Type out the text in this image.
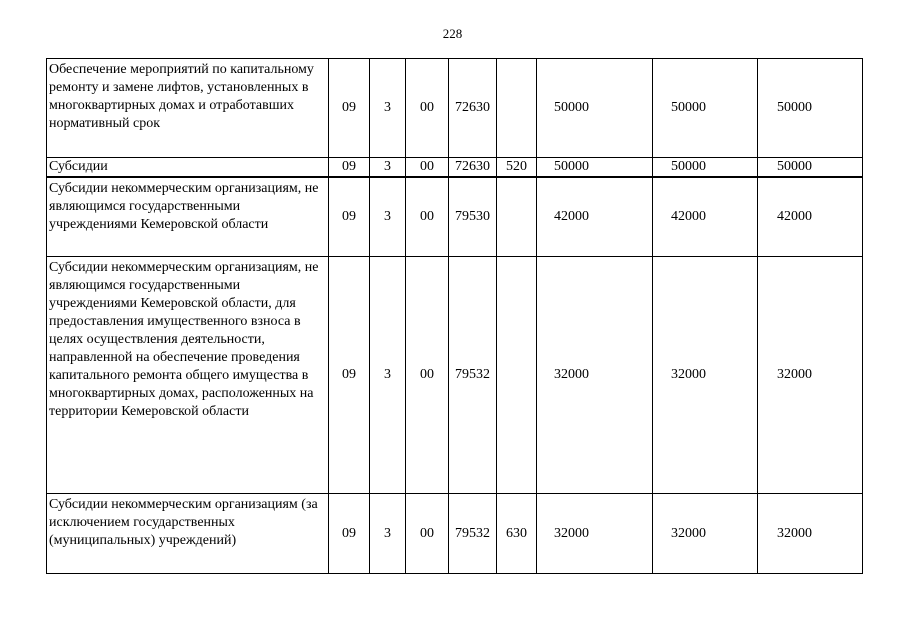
228
Обеспечение мероприятий по капитальному ремонту и замене лифтов, установленных в многоквартирных домах и отработавших нормативный срок	09	3	00	72630		50000	50000	50000
Субсидии	09	3	00	72630	520	50000	50000	50000
Субсидии некоммерческим организациям, не являющимся государственными учреждениями Кемеровской области	09	3	00	79530		42000	42000	42000
Субсидии некоммерческим организациям, не являющимся государственными учреждениями Кемеровской области, для предоставления имущественного взноса в целях осуществления деятельности, направленной на обеспечение проведения капитального ремонта общего имущества в многоквартирных домах, расположенных на территории Кемеровской области	09	3	00	79532		32000	32000	32000
Субсидии некоммерческим организациям (за исключением государственных (муниципальных) учреждений)	09	3	00	79532	630	32000	32000	32000
